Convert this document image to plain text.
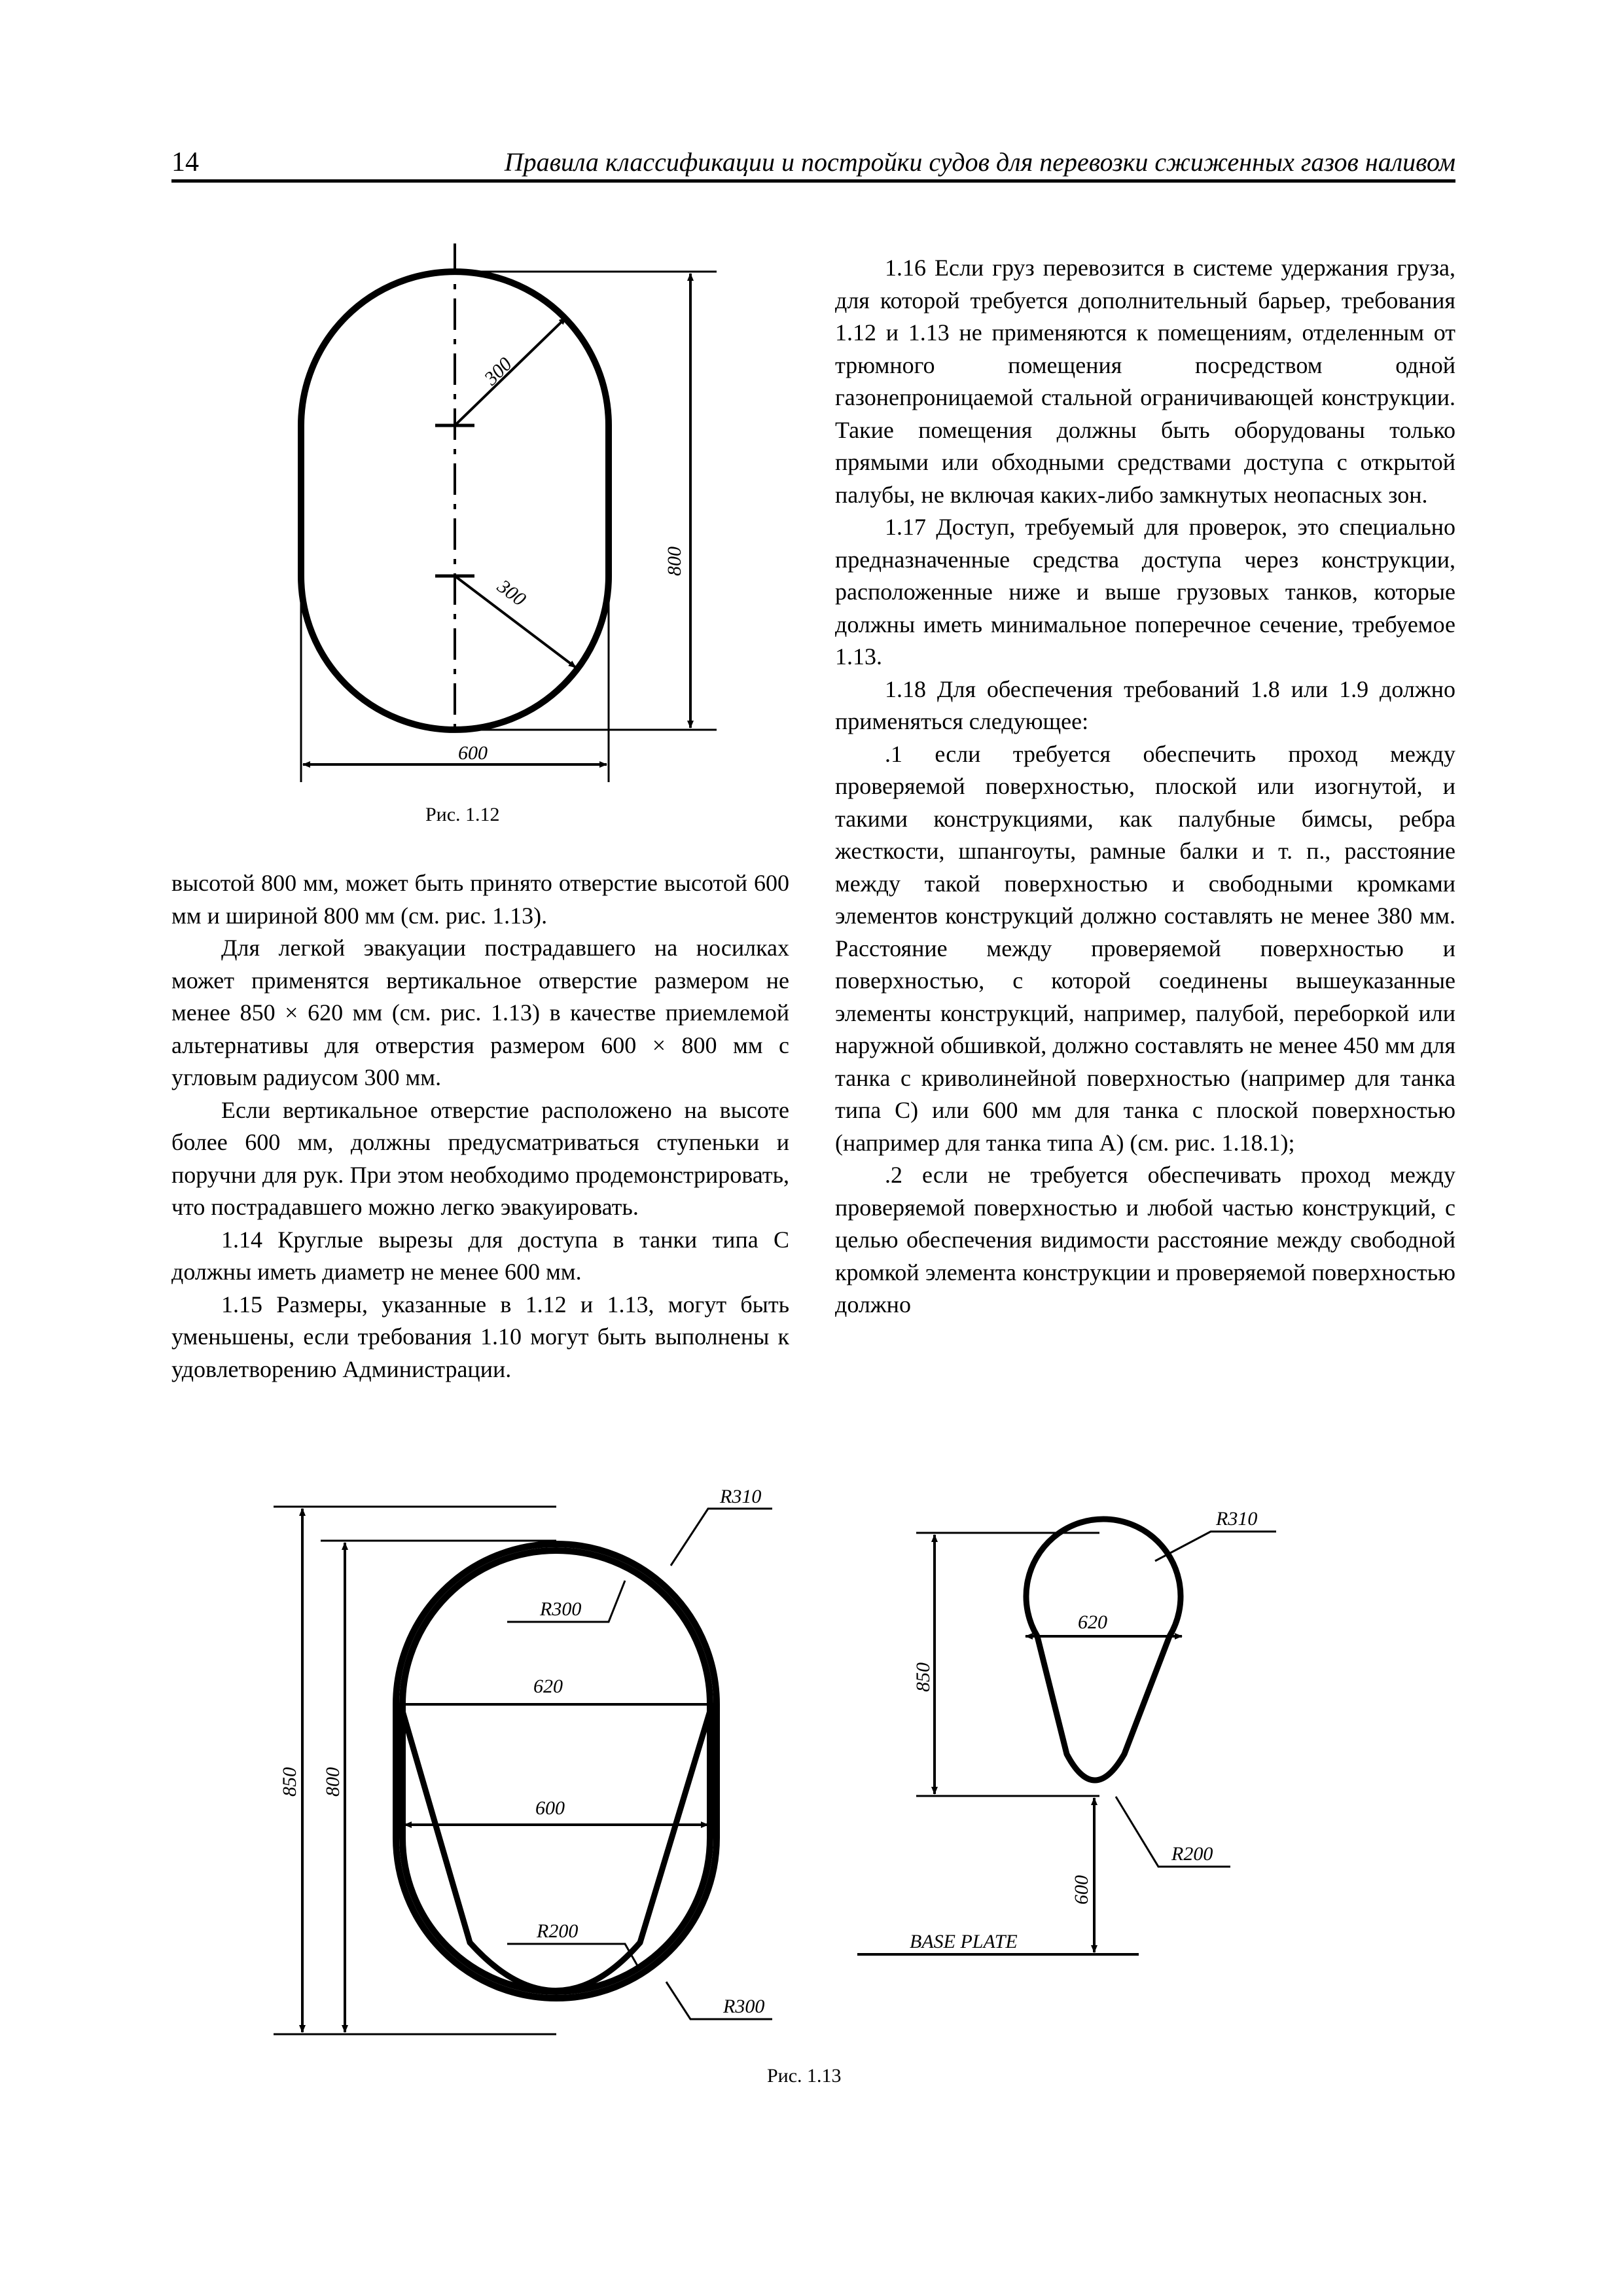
14	Правила классификации и постройки судов для перевозки сжиженных газов наливом
300
300
800
600
R310
R300
620
600
850 800
R200
R300
R310
620
850
R200
600
BASE PLATE
Рис. 1.12
Рис. 1.13

высотой 800 мм, может быть принято отверстие высотой 600 мм и шириной 800 мм (см. рис. 1.13).

Для легкой эвакуации пострадавшего на носилках может применятся вертикальное отверстие размером не менее 850 × 620 мм (см. рис. 1.13) в качестве приемлемой альтернативы для отверстия размером 600 × 800 мм с угловым радиусом 300 мм.

Если вертикальное отверстие расположено на высоте более 600 мм, должны предусматриваться ступеньки и поручни для рук. При этом необходимо продемонстрировать, что пострадавшего можно легко эвакуировать.

1.14 Круглые вырезы для доступа в танки типа С должны иметь диаметр не менее 600 мм.

1.15 Размеры, указанные в 1.12 и 1.13, могут быть уменьшены, если требования 1.10 могут быть выполнены к удовлетворению Администрации.

1.16 Если груз перевозится в системе удержания груза, для которой требуется дополнительный барьер, требования 1.12 и 1.13 не применяются к помещениям, отделенным от трюмного помещения посредством одной газонепроницаемой стальной ограничивающей конструкции. Такие помещения должны быть оборудованы только прямыми или обходными средствами доступа с открытой палубы, не включая каких-либо замкнутых неопасных зон.

1.17 Доступ, требуемый для проверок, это специально предназначенные средства доступа через конструкции, расположенные ниже и выше грузовых танков, которые должны иметь минимальное поперечное сечение, требуемое 1.13.

1.18 Для обеспечения требований 1.8 или 1.9 должно применяться следующее:

.1 если требуется обеспечить проход между проверяемой поверхностью, плоской или изогнутой, и такими конструкциями, как палубные бимсы, ребра жесткости, шпангоуты, рамные балки и т. п., расстояние между такой поверхностью и свободными кромками элементов конструкций должно составлять не менее 380 мм. Расстояние между проверяемой поверхностью и поверхностью, с которой соединены вышеуказанные элементы конструкций, например, палубой, переборкой или наружной обшивкой, должно составлять не менее 450 мм для танка с криволинейной поверхностью (например для танка типа С) или 600 мм для танка с плоской поверхностью (например для танка типа А) (см. рис. 1.18.1);

.2 если не требуется обеспечивать проход между проверяемой поверхностью и любой частью конструкций, с целью обеспечения видимости расстояние между свободной кромкой элемента конструкции и проверяемой поверхностью должно
